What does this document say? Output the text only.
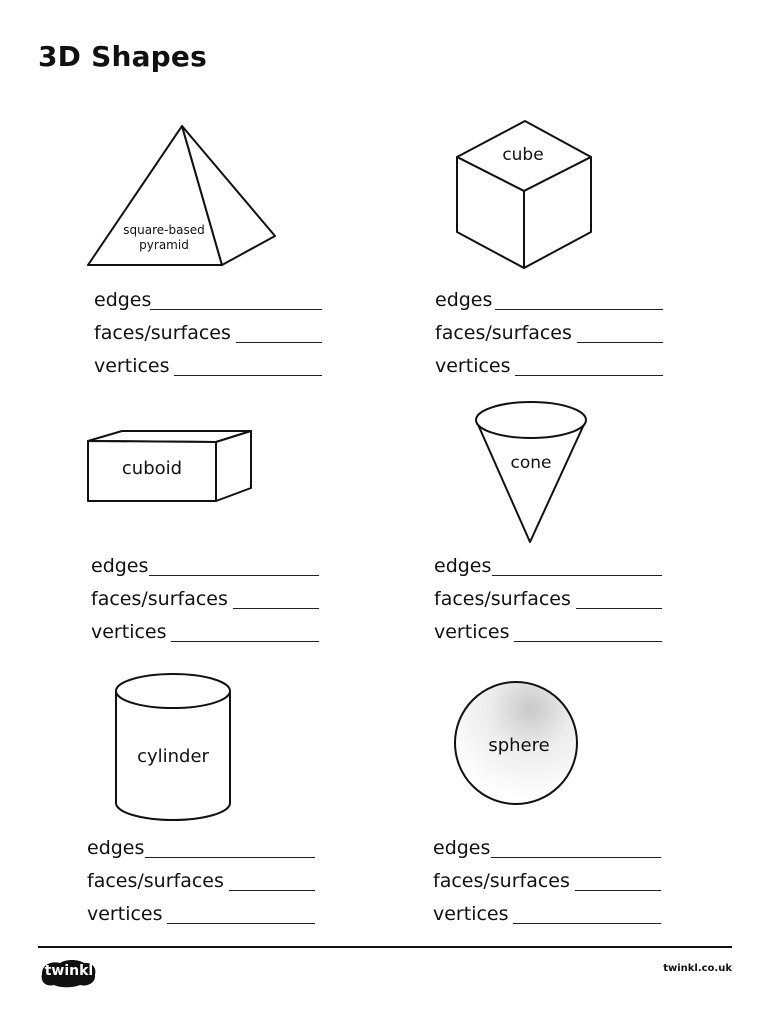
3D Shapes
square-based
pyramid
cube
cuboid	cone
cylinder
sphere
edges
faces/surfaces
vertices
edges
faces/surfaces
vertices
edges
faces/surfaces
vertices
edges
faces/surfaces
vertices
edges
faces/surfaces
vertices
edges
faces/surfaces
vertices
twinkl	twinkl.co.uk
